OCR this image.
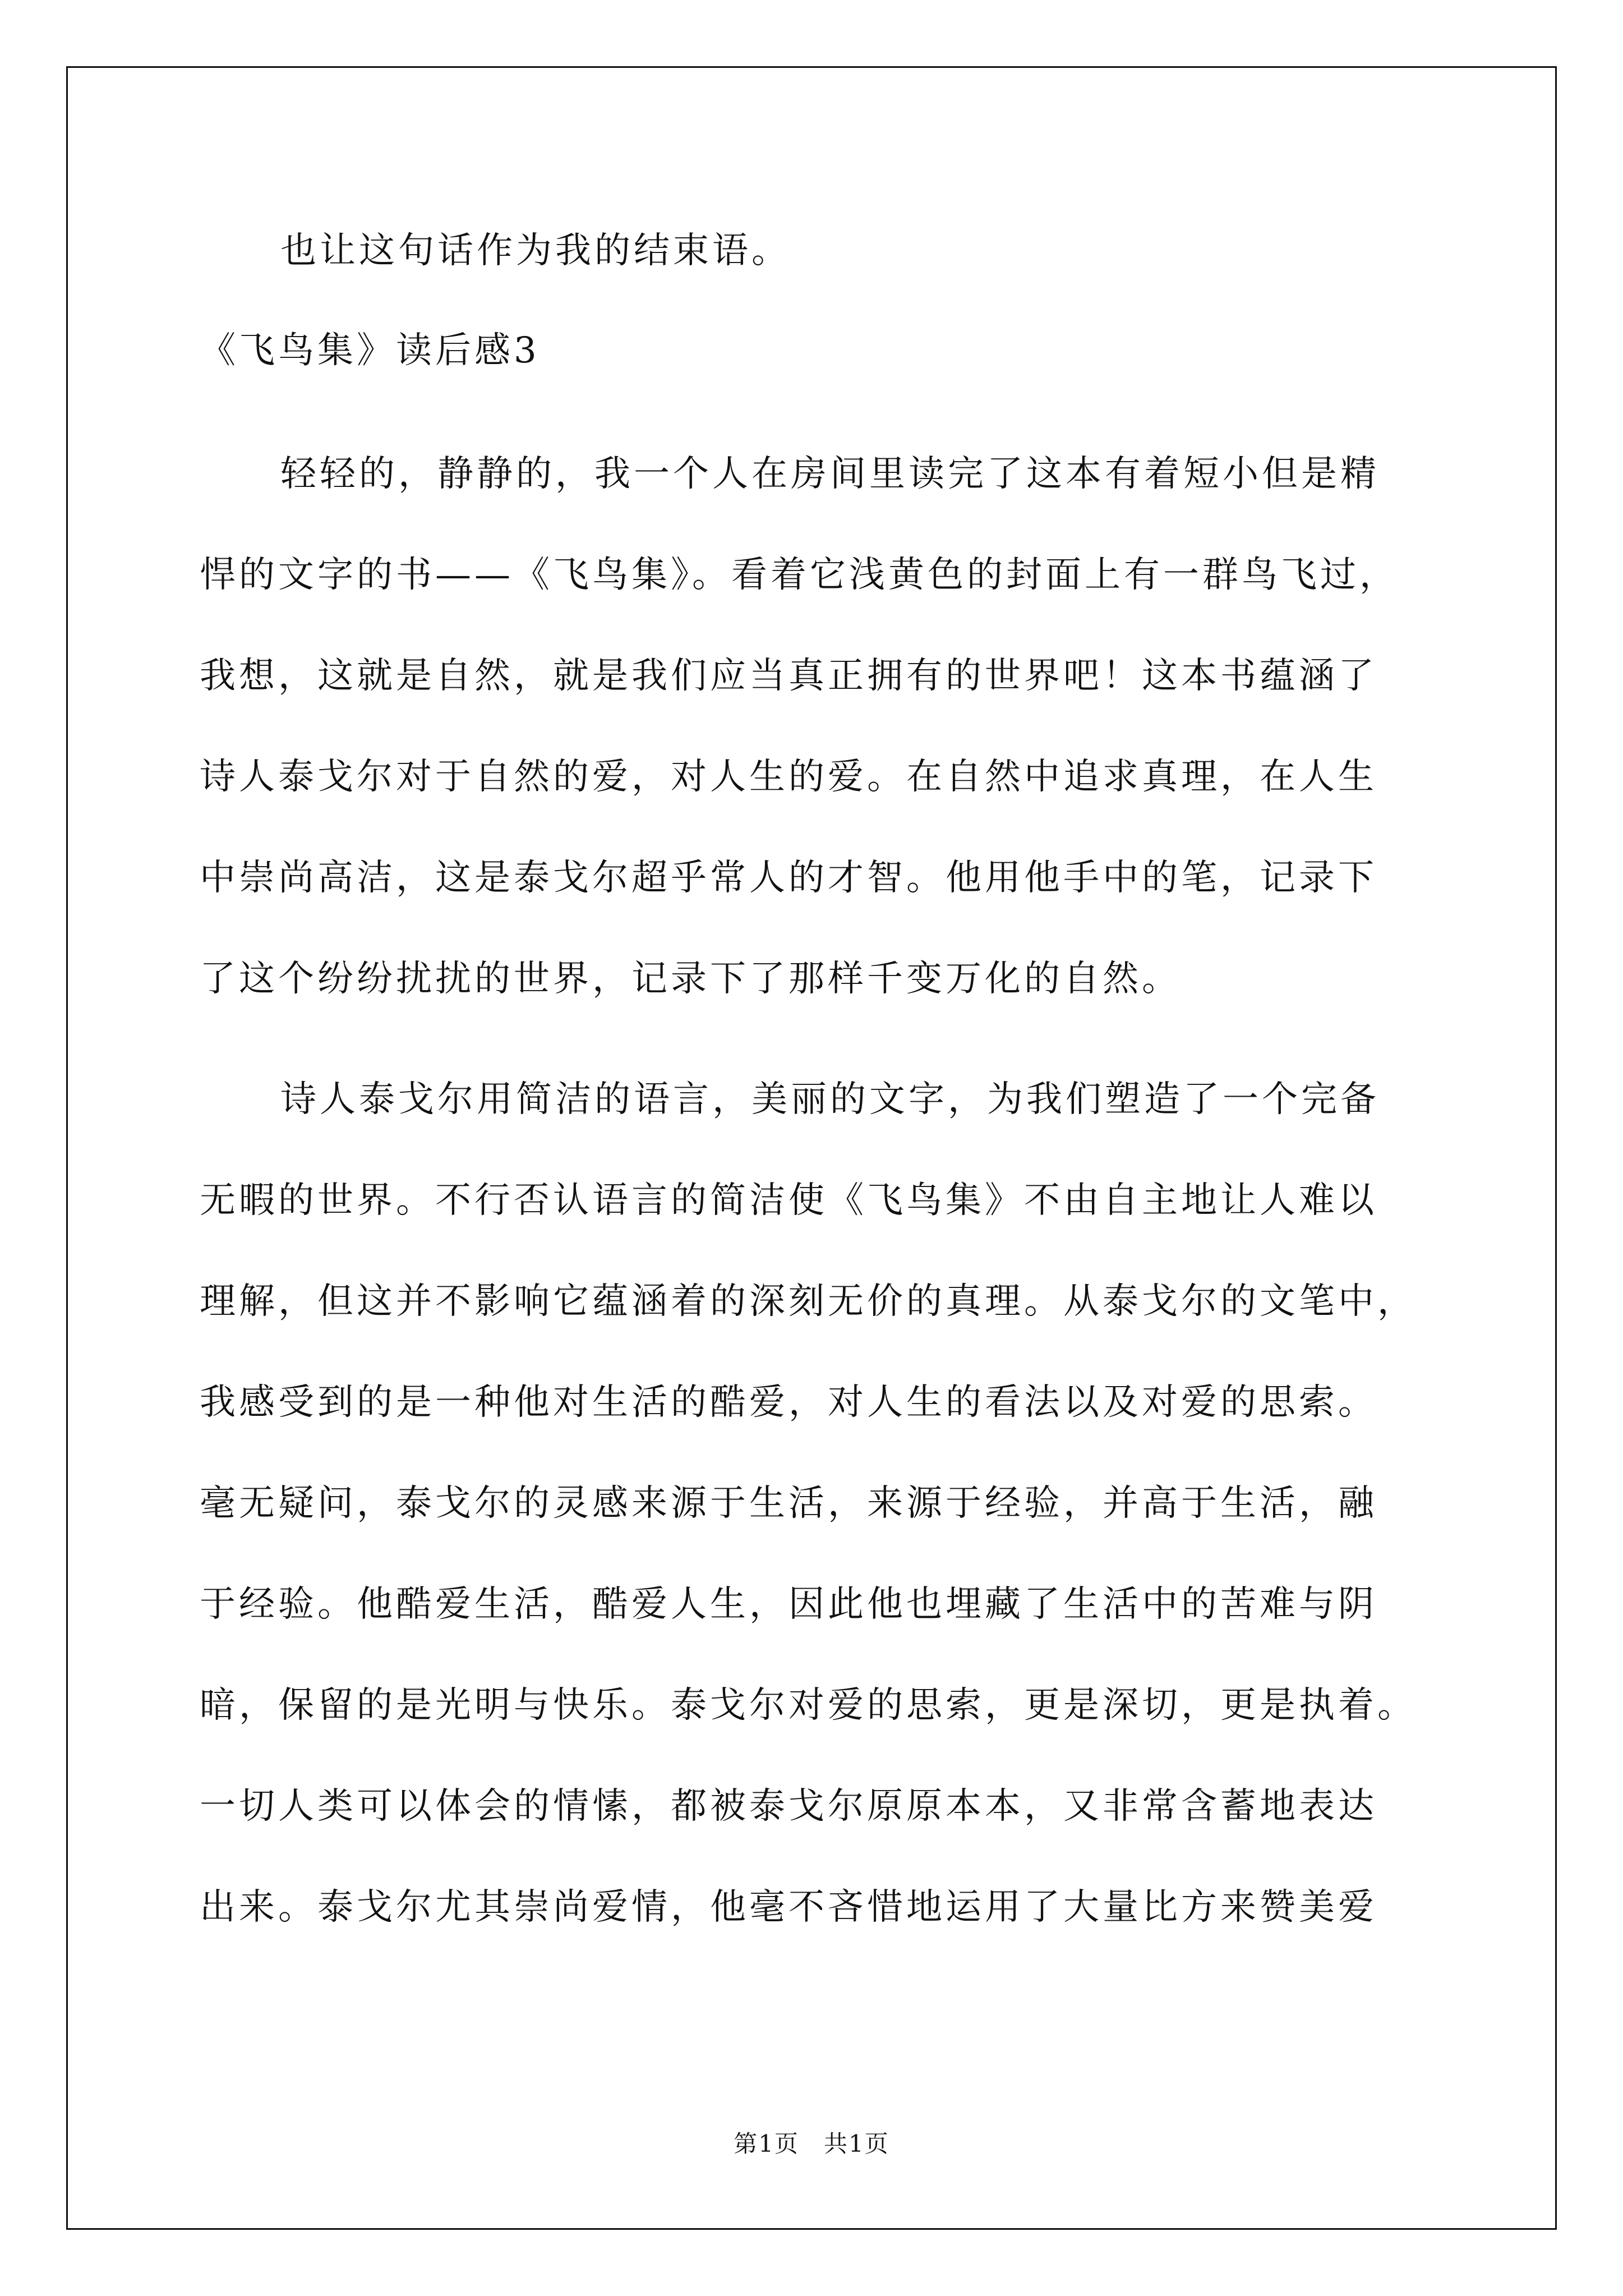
也让这句话作为我的结束语。
《飞鸟集》读后感3
轻轻的，静静的，我一个人在房间里读完了这本有着短小但是精
悍的文字的书——《飞鸟集》。看着它浅黄色的封面上有一群鸟飞过，
我想，这就是自然，就是我们应当真正拥有的世界吧！这本书蕴涵了
诗人泰戈尔对于自然的爱，对人生的爱。在自然中追求真理，在人生
中崇尚高洁，这是泰戈尔超乎常人的才智。他用他手中的笔，记录下
了这个纷纷扰扰的世界，记录下了那样千变万化的自然。
诗人泰戈尔用简洁的语言，美丽的文字，为我们塑造了一个完备
无暇的世界。不行否认语言的简洁使《飞鸟集》不由自主地让人难以
理解，但这并不影响它蕴涵着的深刻无价的真理。从泰戈尔的文笔中，
我感受到的是一种他对生活的酷爱，对人生的看法以及对爱的思索。
毫无疑问，泰戈尔的灵感来源于生活，来源于经验，并高于生活，融
于经验。他酷爱生活，酷爱人生，因此他也埋藏了生活中的苦难与阴
暗，保留的是光明与快乐。泰戈尔对爱的思索，更是深切，更是执着。
一切人类可以体会的情愫，都被泰戈尔原原本本，又非常含蓄地表达
出来。泰戈尔尤其崇尚爱情，他毫不吝惜地运用了大量比方来赞美爱
第1页　共1页
